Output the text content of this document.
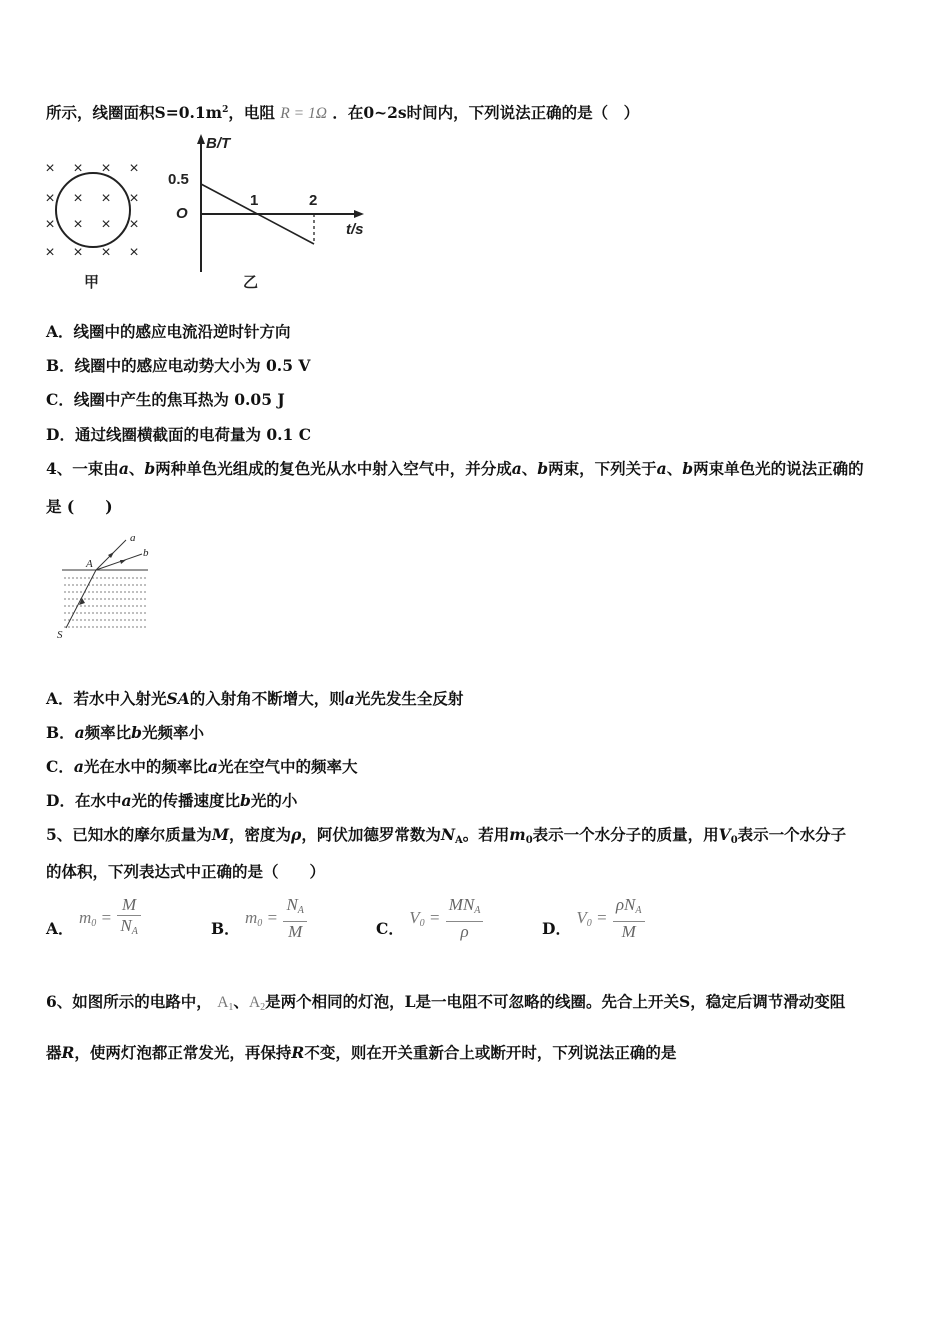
所示，线圈面积$S=0.1m^2$，电阻 R = 1Ω ．在0~2s时间内，下列说法正确的是（　）
× × × ×
× × × ×
× × × ×
× × × ×
甲
B/T
t/s
O
0.5
1	2
乙
A．线圈中的感应电流沿逆时针方向
B．线圈中的感应电动势大小为 0.5 V
C．线圈中产生的焦耳热为 0.05 J
D．通过线圈横截面的电荷量为 0.1 C
4、一束由a、b两种单色光组成的复色光从水中射入空气中，并分成a、b两束，下列关于a、b两束单色光的说法正确的
是 (　　)
a
b
A
S
A．若水中入射光SA的入射角不断增大，则a光先发生全反射
B．a频率比b光频率小
C．a光在水中的频率比a光在空气中的频率大
D．在水中a光的传播速度比b光的小
5、已知水的摩尔质量为M，密度为ρ，阿伏加德罗常数为$N_A$。若用$m_0$表示一个水分子的质量，用$V_0$表示一个水分子
的体积，下列表达式中正确的是（　　）
A． $m_0 = \frac{M}{N_A}$	B． $m_0 = \frac{N_A}{M}$	C． $V_0 = \frac{MN_A}{\rho}$	D． $V_0 = \frac{\rho N_A}{M}$
6、如图所示的电路中， $A_1$、$A_2$是两个相同的灯泡，L是一电阻不可忽略的线圈。先合上开关S，稳定后调节滑动变阻
器R，使两灯泡都正常发光，再保持R不变，则在开关重新合上或断开时，下列说法正确的是
